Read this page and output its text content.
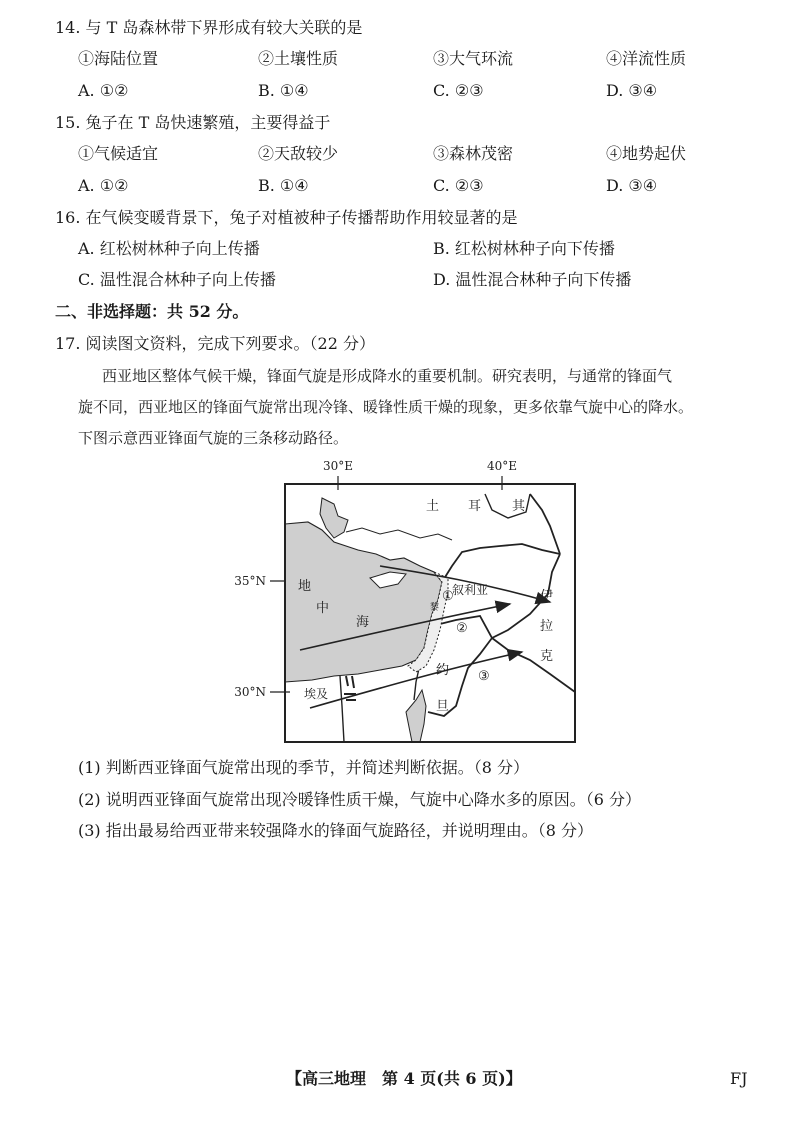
14. 与 T 岛森林带下界形成有较大关联的是
①海陆位置	②土壤性质	③大气环流	④洋流性质
A. ①②	B. ①④	C. ②③	D. ③④
15. 兔子在 T 岛快速繁殖，主要得益于
①气候适宜	②天敌较少	③森林茂密	④地势起伏
A. ①②	B. ①④	C. ②③	D. ③④
16. 在气候变暖背景下，兔子对植被种子传播帮助作用较显著的是
A. 红松树林种子向上传播	B. 红松树林种子向下传播
C. 温性混合林种子向上传播	D. 温性混合林种子向下传播
二、非选择题：共 52 分。
17. 阅读图文资料，完成下列要求。（22 分）
西亚地区整体气候干燥，锋面气旋是形成降水的重要机制。研究表明，与通常的锋面气
旋不同，西亚地区的锋面气旋常出现冷锋、暖锋性质干燥的现象，更多依靠气旋中心的降水。
下图示意西亚锋面气旋的三条移动路径。
30°E	40°E
35°N
30°N
土 耳 其
地
中
海
叙利亚	伊
拉
克
约
旦
埃及
黎
①
②
③
(1) 判断西亚锋面气旋常出现的季节，并简述判断依据。（8 分）
(2) 说明西亚锋面气旋常出现冷暖锋性质干燥，气旋中心降水多的原因。（6 分）
(3) 指出最易给西亚带来较强降水的锋面气旋路径，并说明理由。（8 分）
【高三地理　第 4 页(共 6 页)】	FJ
